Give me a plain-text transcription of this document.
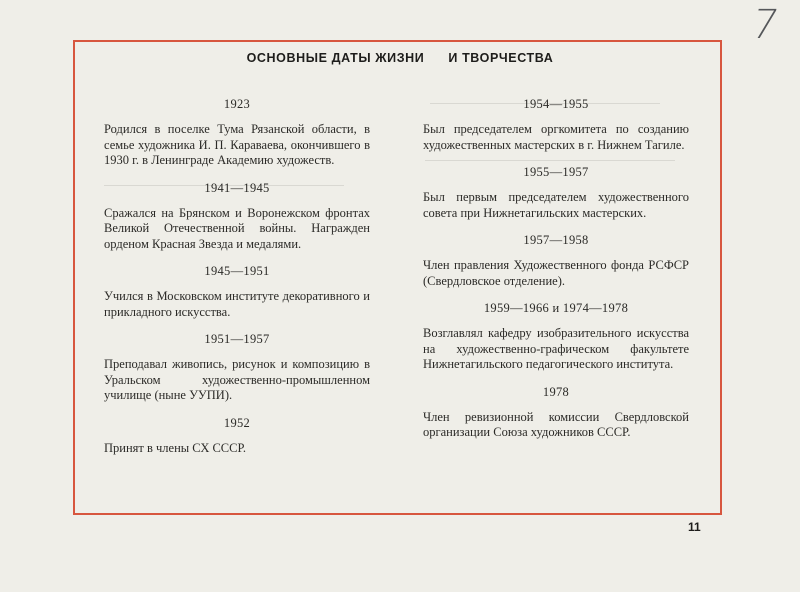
7
ОСНОВНЫЕ ДАТЫ ЖИЗНИ И ТВОРЧЕСТВА
1923

Родился в поселке Тума Рязанской области, в семье художника И. П. Караваева, окончившего в 1930 г. в Ленинграде Академию художеств.

1941—1945

Сражался на Брянском и Воронежском фронтах Великой Отечественной войны. Награжден орденом Красная Звезда и медалями.

1945—1951

Учился в Московском институте декоративного и прикладного искусства.

1951—1957

Преподавал живопись, рисунок и композицию в Уральском художественно-промышленном училище (ныне УУПИ).

1952

Принят в члены СХ СССР.

1954—1955

Был председателем оргкомитета по созданию художественных мастерских в г. Нижнем Тагиле.

1955—1957

Был первым председателем художественного совета при Нижнетагильских мастерских.

1957—1958

Член правления Художественного фонда РСФСР (Свердловское отделение).

1959—1966 и 1974—1978

Возглавлял кафедру изобразительного искусства на художественно-графическом факультете Нижнетагильского педагогического института.

1978

Член ревизионной комиссии Свердловской организации Союза художников СССР.

11
